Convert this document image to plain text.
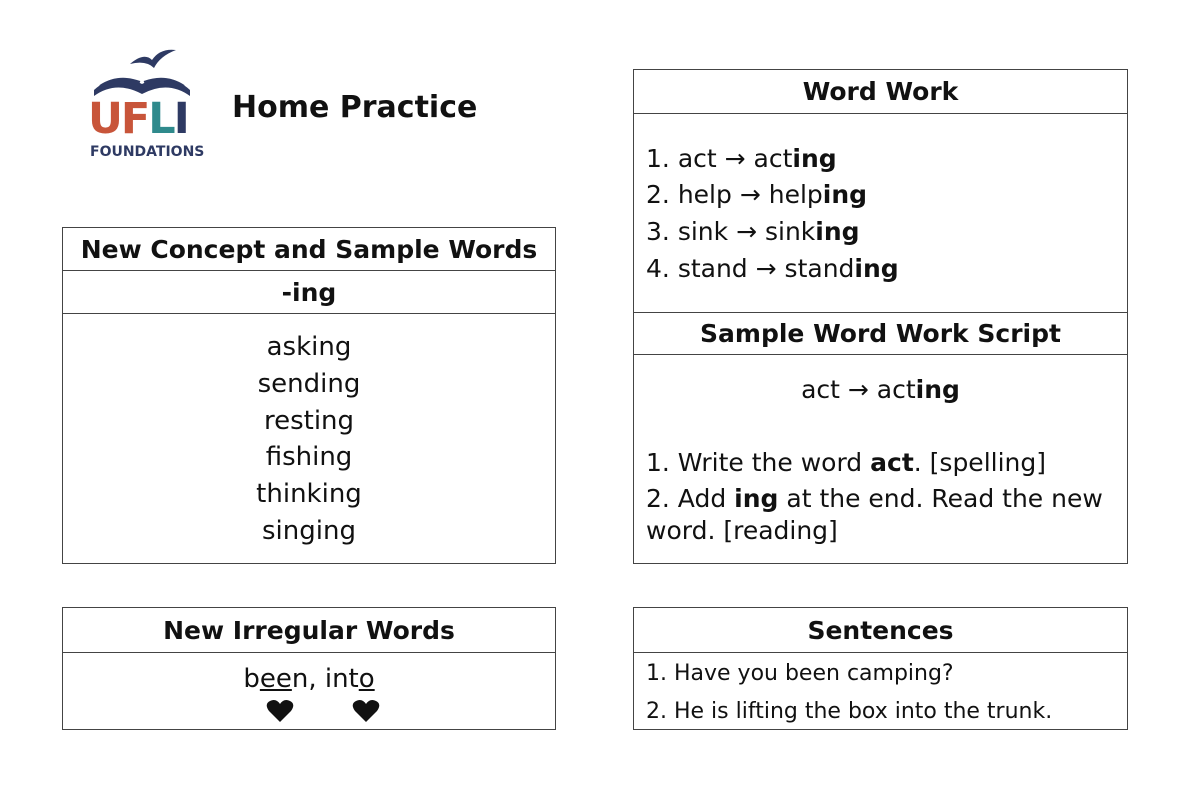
UFLI
FOUNDATIONS
Home Practice
New Concept and Sample Words
-ing
asking
sending
resting
fishing
thinking
singing
New Irregular Words
been, into
Word Work
1. act → acting
2. help → helping
3. sink → sinking
4. stand → standing
Sample Word Work Script
act → acting
1. Write the word act. [spelling]
2. Add ing at the end. Read the new
word. [reading]
Sentences
1. Have you been camping?
2. He is lifting the box into the trunk.
